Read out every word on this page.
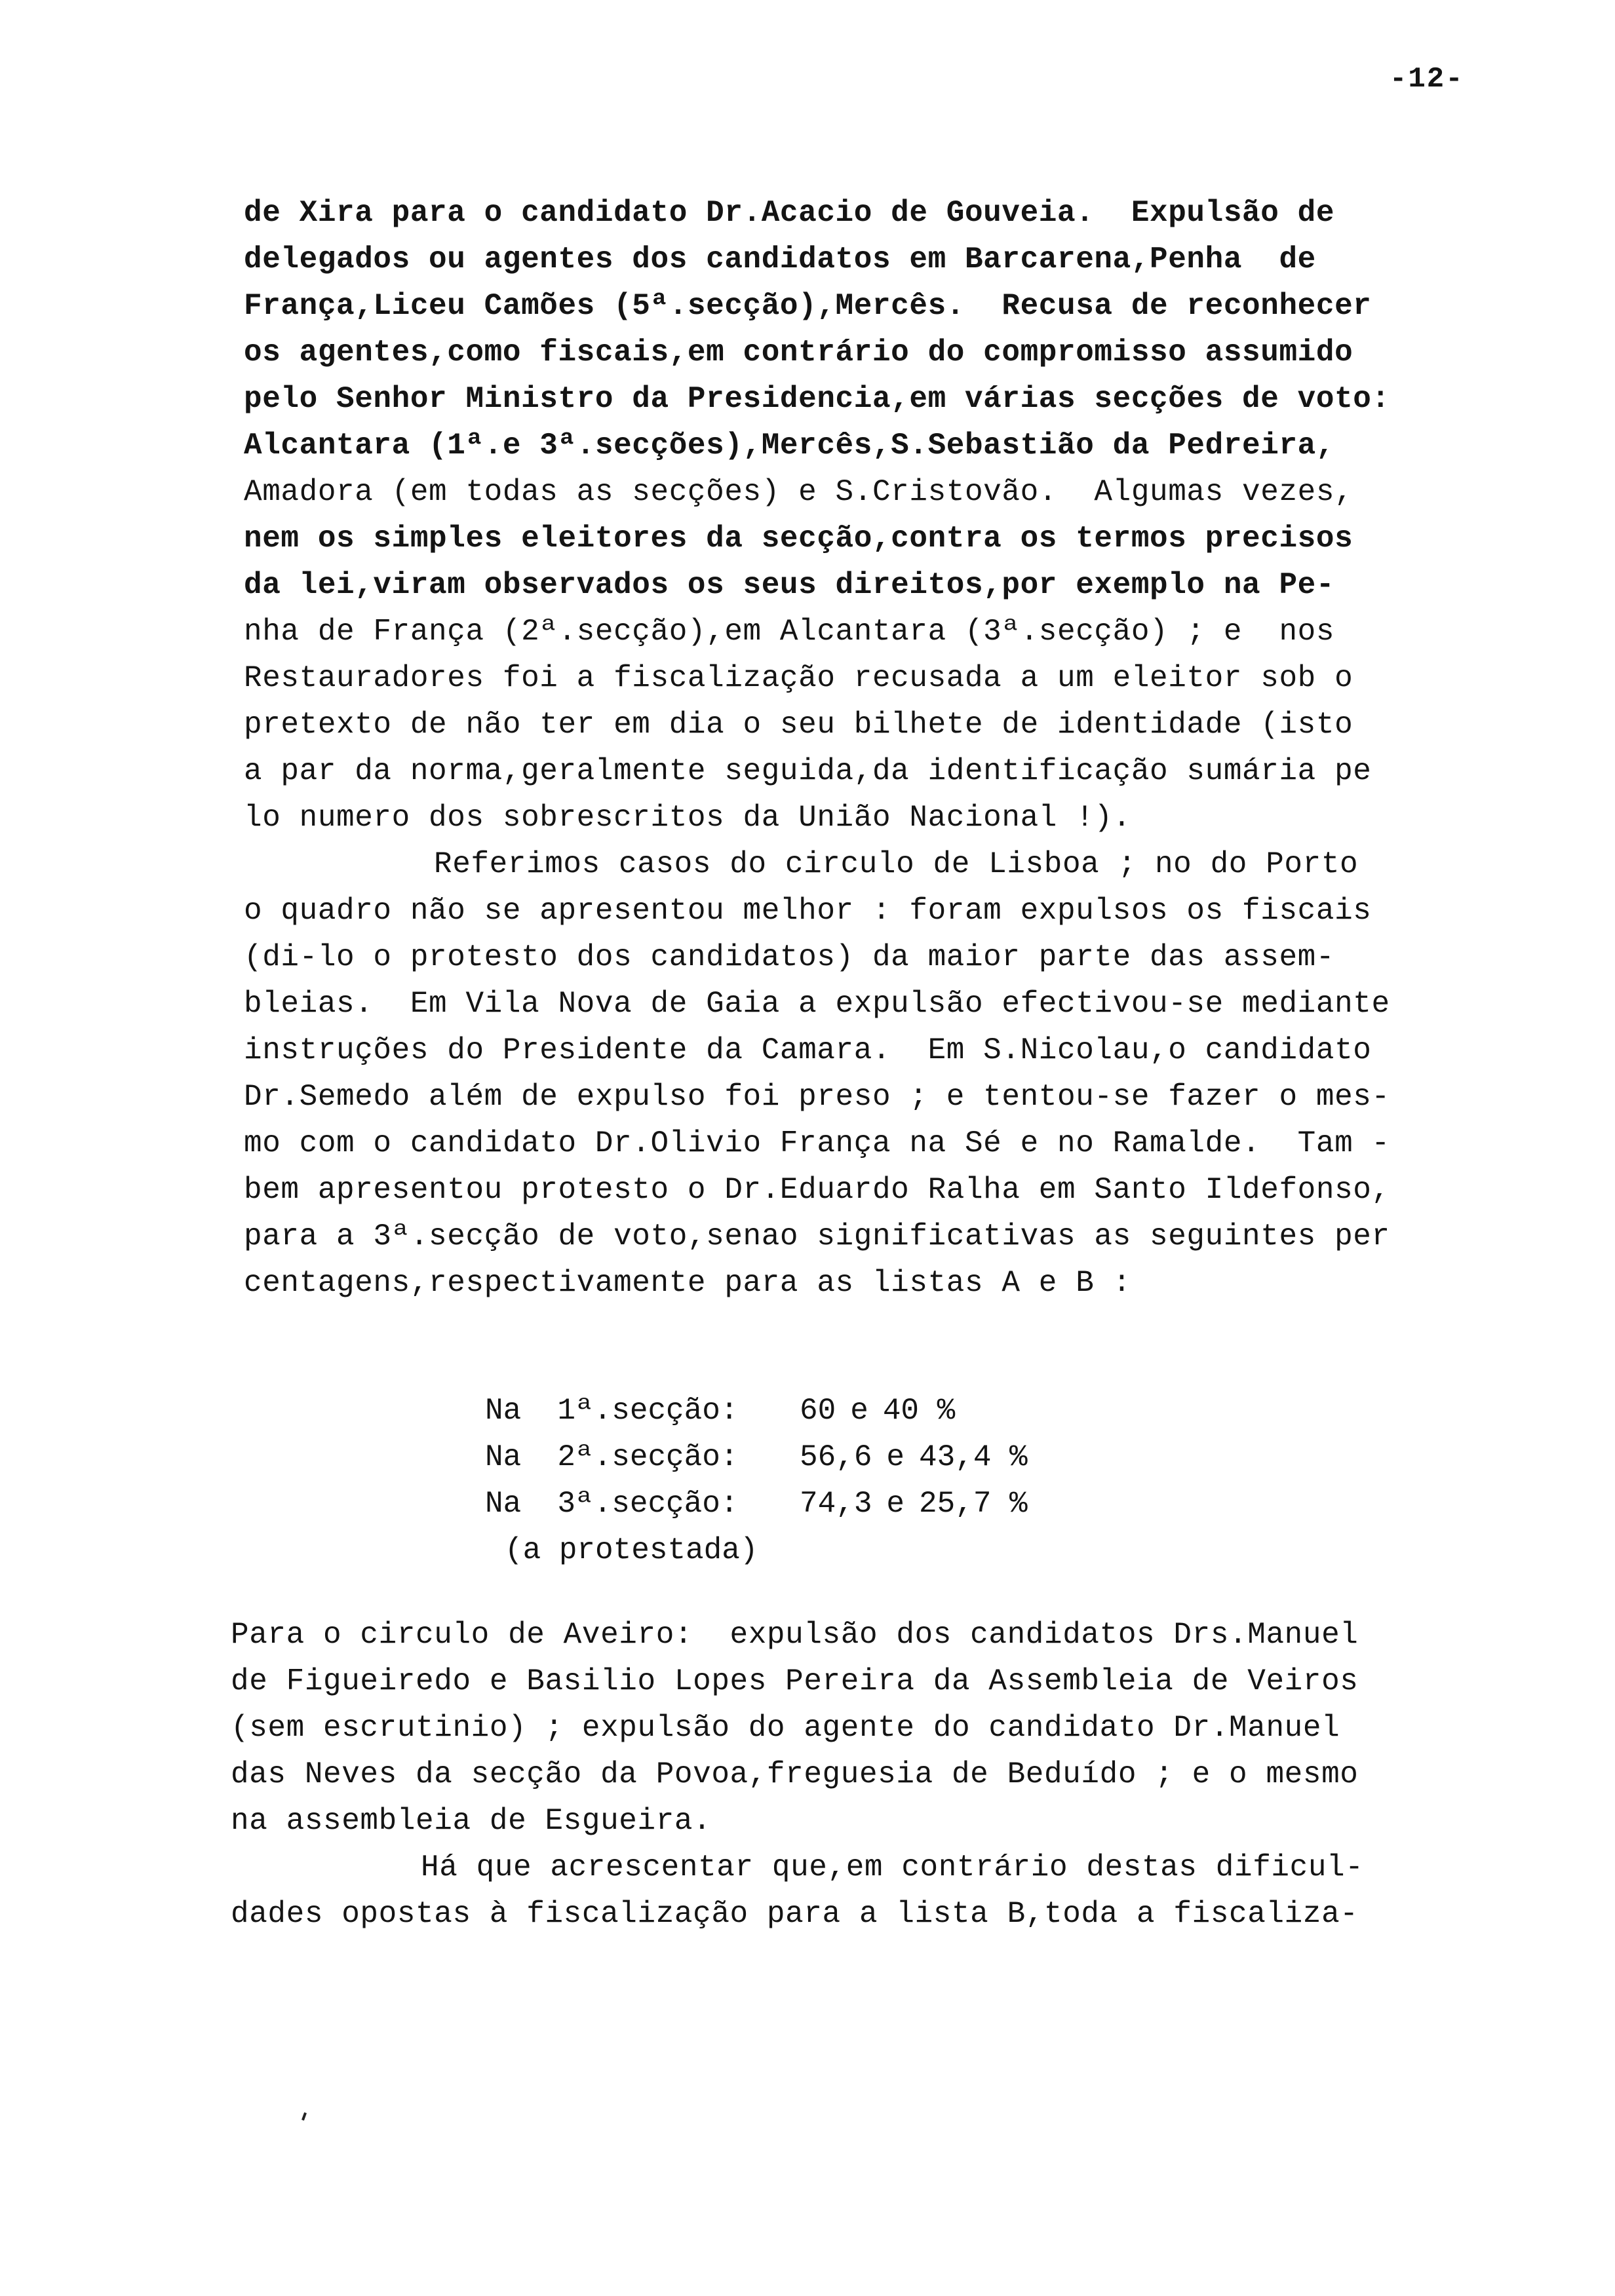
-12-
de Xira para o candidato Dr.Acacio de Gouveia.  Expulsão de
delegados ou agentes dos candidatos em Barcarena,Penha  de
França,Liceu Camões (5ª.secção),Mercês.  Recusa de reconhecer
os agentes,como fiscais,em contrário do compromisso assumido
pelo Senhor Ministro da Presidencia,em várias secções de voto:
Alcantara (1ª.e 3ª.secções),Mercês,S.Sebastião da Pedreira,
Amadora (em todas as secções) e S.Cristovão.  Algumas vezes,
nem os simples eleitores da secção,contra os termos precisos
da lei,viram observados os seus direitos,por exemplo na Pe-
nha de França (2ª.secção),em Alcantara (3ª.secção) ; e  nos
Restauradores foi a fiscalização recusada a um eleitor sob o
pretexto de não ter em dia o seu bilhete de identidade (isto
a par da norma,geralmente seguida,da identificação sumária pe
lo numero dos sobrescritos da União Nacional !).
Referimos casos do circulo de Lisboa ; no do Porto
o quadro não se apresentou melhor : foram expulsos os fiscais
(di-lo o protesto dos candidatos) da maior parte das assem-
bleias.  Em Vila Nova de Gaia a expulsão efectivou-se mediante
instruções do Presidente da Camara.  Em S.Nicolau,o candidato
Dr.Semedo além de expulso foi preso ; e tentou-se fazer o mes-
mo com o candidato Dr.Olivio França na Sé e no Ramalde.  Tam -
bem apresentou protesto o Dr.Eduardo Ralha em Santo Ildefonso,
para a 3ª.secção de voto,senao significativas as seguintes per
centagens,respectivamente para as listas A e B :
Na  1ª.secção:	60 e 40 %
Na  2ª.secção:	56,6 e 43,4 %
Na  3ª.secção:	74,3 e 25,7 %
(a protestada)
Para o circulo de Aveiro:  expulsão dos candidatos Drs.Manuel
de Figueiredo e Basilio Lopes Pereira da Assembleia de Veiros
(sem escrutinio) ; expulsão do agente do candidato Dr.Manuel
das Neves da secção da Povoa,freguesia de Beduído ; e o mesmo
na assembleia de Esgueira.
Há que acrescentar que,em contrário destas dificul-
dades opostas à fiscalização para a lista B,toda a fiscaliza-
